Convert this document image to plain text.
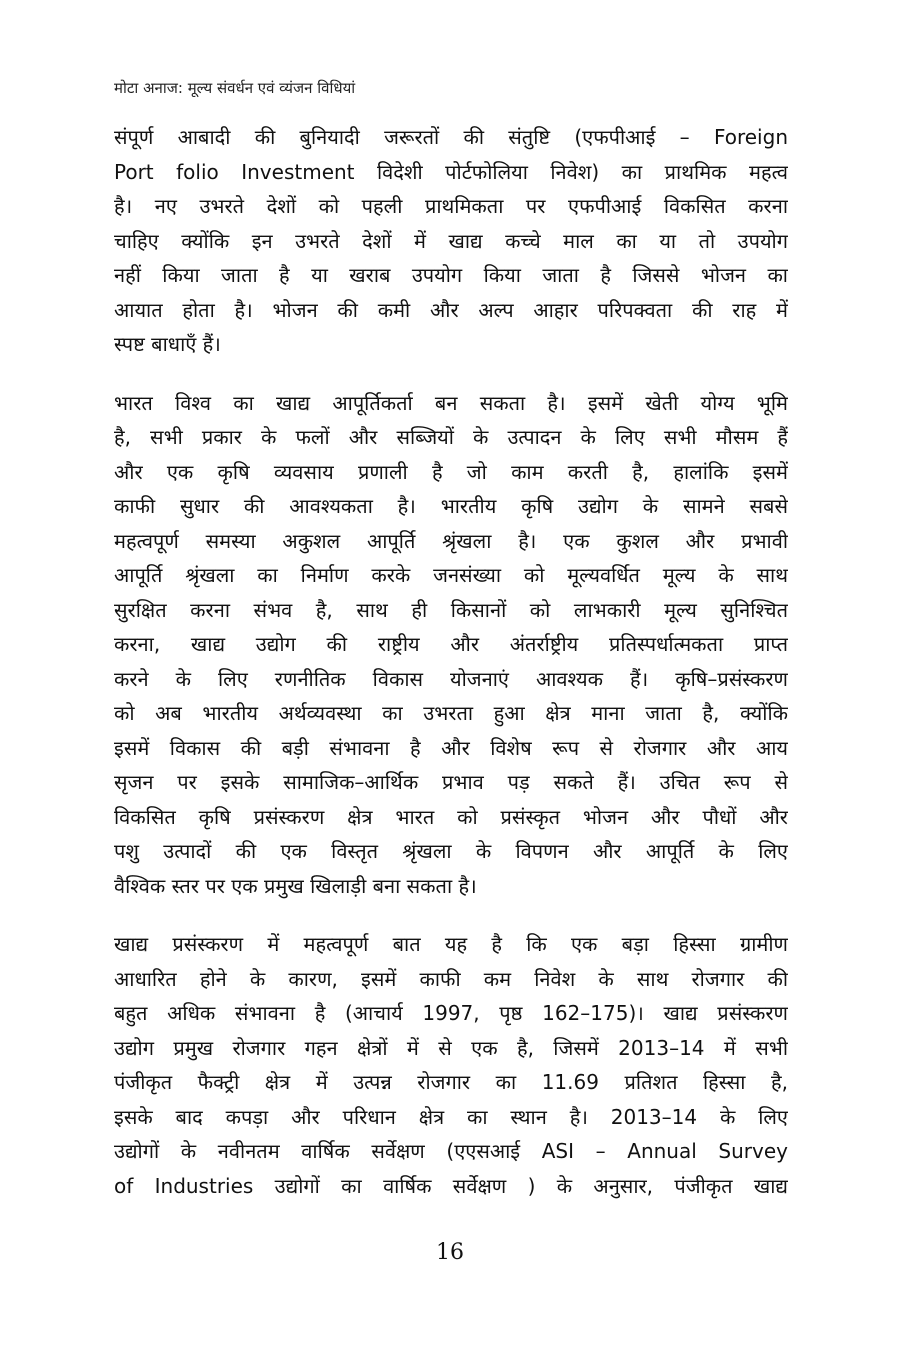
मोटा अनाज: मूल्य संवर्धन एवं व्यंजन विधियां
संपूर्ण आबादी की बुनियादी जरूरतों की संतुष्टि (एफपीआई – Foreign
Port folio Investment विदेशी पोर्टफोलिया निवेश) का प्राथमिक महत्व
है। नए उभरते देशों को पहली प्राथमिकता पर एफपीआई विकसित करना
चाहिए क्योंकि इन उभरते देशों में खाद्य कच्चे माल का या तो उपयोग
नहीं किया जाता है या खराब उपयोग किया जाता है जिससे भोजन का
आयात होता है। भोजन की कमी और अल्प आहार परिपक्वता की राह में
स्पष्ट बाधाएँ हैं।
भारत विश्व का खाद्य आपूर्तिकर्ता बन सकता है। इसमें खेती योग्य भूमि
है, सभी प्रकार के फलों और सब्जियों के उत्पादन के लिए सभी मौसम हैं
और एक कृषि व्यवसाय प्रणाली है जो काम करती है, हालांकि इसमें
काफी सुधार की आवश्यकता है। भारतीय कृषि उद्योग के सामने सबसे
महत्वपूर्ण समस्या अकुशल आपूर्ति श्रृंखला है। एक कुशल और प्रभावी
आपूर्ति श्रृंखला का निर्माण करके जनसंख्या को मूल्यवर्धित मूल्य के साथ
सुरक्षित करना संभव है, साथ ही किसानों को लाभकारी मूल्य सुनिश्चित
करना, खाद्य उद्योग की राष्ट्रीय और अंतर्राष्ट्रीय प्रतिस्पर्धात्मकता प्राप्त
करने के लिए रणनीतिक विकास योजनाएं आवश्यक हैं। कृषि–प्रसंस्करण
को अब भारतीय अर्थव्यवस्था का उभरता हुआ क्षेत्र माना जाता है, क्योंकि
इसमें विकास की बड़ी संभावना है और विशेष रूप से रोजगार और आय
सृजन पर इसके सामाजिक–आर्थिक प्रभाव पड़ सकते हैं। उचित रूप से
विकसित कृषि प्रसंस्करण क्षेत्र भारत को प्रसंस्कृत भोजन और पौधों और
पशु उत्पादों की एक विस्तृत श्रृंखला के विपणन और आपूर्ति के लिए
वैश्विक स्तर पर एक प्रमुख खिलाड़ी बना सकता है।
खाद्य प्रसंस्करण में महत्वपूर्ण बात यह है कि एक बड़ा हिस्सा ग्रामीण
आधारित होने के कारण, इसमें काफी कम निवेश के साथ रोजगार की
बहुत अधिक संभावना है (आचार्य 1997, पृष्ठ 162–175)। खाद्य प्रसंस्करण
उद्योग प्रमुख रोजगार गहन क्षेत्रों में से एक है, जिसमें 2013–14 में सभी
पंजीकृत फैक्ट्री क्षेत्र में उत्पन्न रोजगार का 11.69 प्रतिशत हिस्सा है,
इसके बाद कपड़ा और परिधान क्षेत्र का स्थान है। 2013–14 के लिए
उद्योगों के नवीनतम वार्षिक सर्वेक्षण (एएसआई ASI – Annual Survey
of Industries उद्योगों का वार्षिक सर्वेक्षण ) के अनुसार, पंजीकृत खाद्य
16
